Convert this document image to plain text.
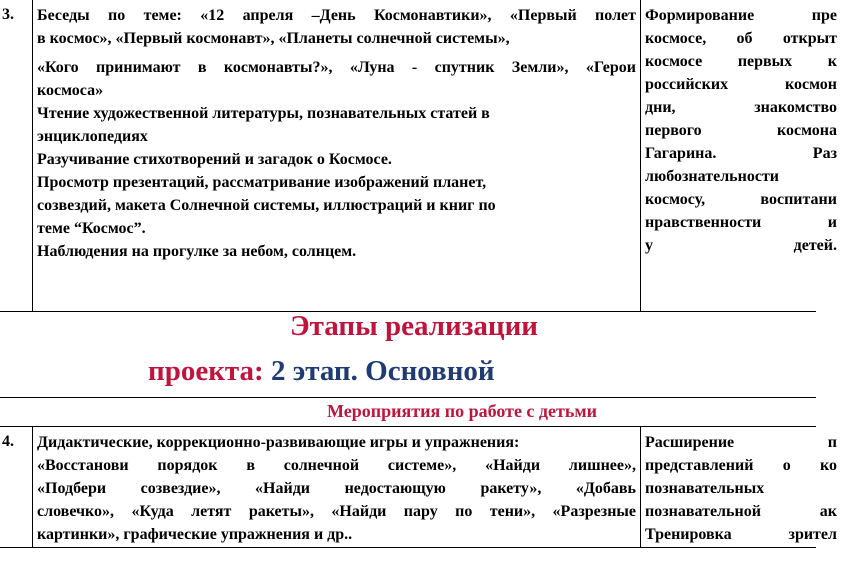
3.	Беседы по теме: «12 апреля –День Космонавтики», «Первый полет

в космос», «Первый космонавт», «Планеты солнечной системы»,

«Кого принимают в космонавты?», «Луна - спутник Земли», «Герои

космоса»

Чтение художественной литературы, познавательных статей в

энциклопедиях

Разучивание стихотворений и загадок о Космосе.

Просмотр презентаций, рассматривание изображений планет,

созвездий, макета Солнечной системы, иллюстраций и книг по

теме “Космос”.

Наблюдения на прогулке за небом, солнцем.

Формирование пре

космосе, об открыт

космосе первых к

российских космон

дни, знакомство

первого космона

Гагарина. Раз

любознательности

космосу, воспитани

нравственности и

у детей.

Этапы реализации
проекта: 2 этап. Основной
Мероприятия по работе с детьми
4.	Дидактические, коррекционно-развивающие игры и упражнения:

«Восстанови порядок в солнечной системе», «Найди лишнее»,

«Подбери созвездие», «Найди недостающую ракету», «Добавь

словечко», «Куда летят ракеты», «Найди пару по тени», «Разрезные

картинки», графические упражнения и др..

Расширение п

представлений о ко

познавательных

познавательной ак

Тренировка зрител
